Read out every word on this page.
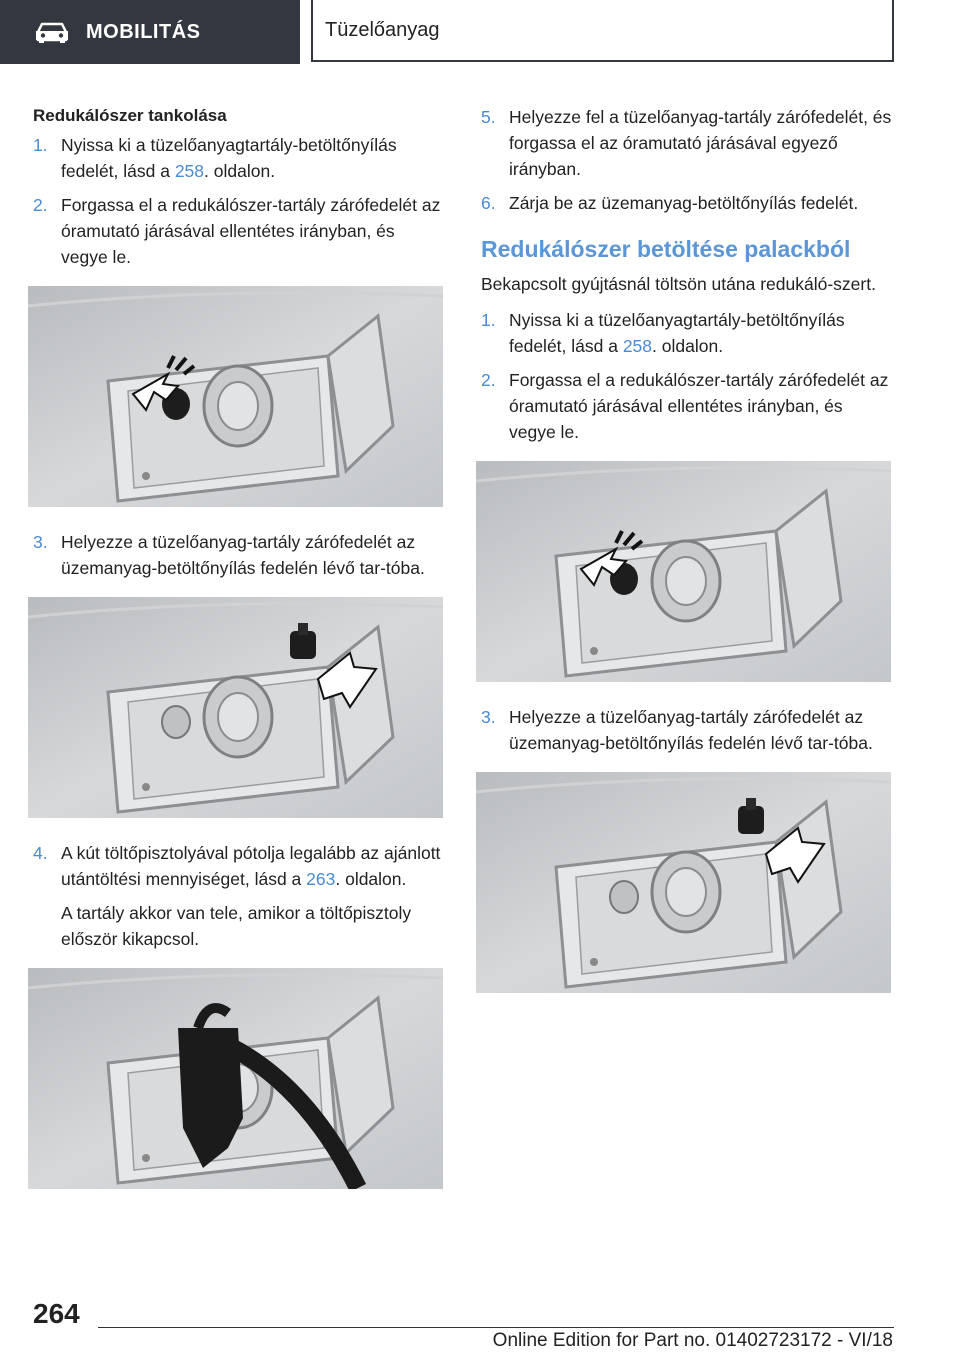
MOBILITÁS	Tüzelőanyag
Redukálószer tankolása
1. Nyissa ki a tüzelőanyagtartály-betöltőnyílás fedelét, lásd a 258. oldalon.
2. Forgassa el a redukálószer-tartály zárófedelét az óramutató járásával ellentétes irányban, és vegye le.
3. Helyezze a tüzelőanyag-tartály zárófedelét az üzemanyag-betöltőnyílás fedelén lévő tar-tóba.
4. A kút töltőpisztolyával pótolja legalább az ajánlott utántöltési mennyiséget, lásd a 263. oldalon.
A tartály akkor van tele, amikor a töltőpisztoly először kikapcsol.
5. Helyezze fel a tüzelőanyag-tartály zárófedelét, és forgassa el az óramutató járásával egyező irányban.
6. Zárja be az üzemanyag-betöltőnyílás fedelét.
Redukálószer betöltése palackból
Bekapcsolt gyújtásnál töltsön utána redukáló-szert.
1. Nyissa ki a tüzelőanyagtartály-betöltőnyílás fedelét, lásd a 258. oldalon.
2. Forgassa el a redukálószer-tartály zárófedelét az óramutató járásával ellentétes irányban, és vegye le.
3. Helyezze a tüzelőanyag-tartály zárófedelét az üzemanyag-betöltőnyílás fedelén lévő tar-tóba.
264
Online Edition for Part no. 01402723172 - VI/18
